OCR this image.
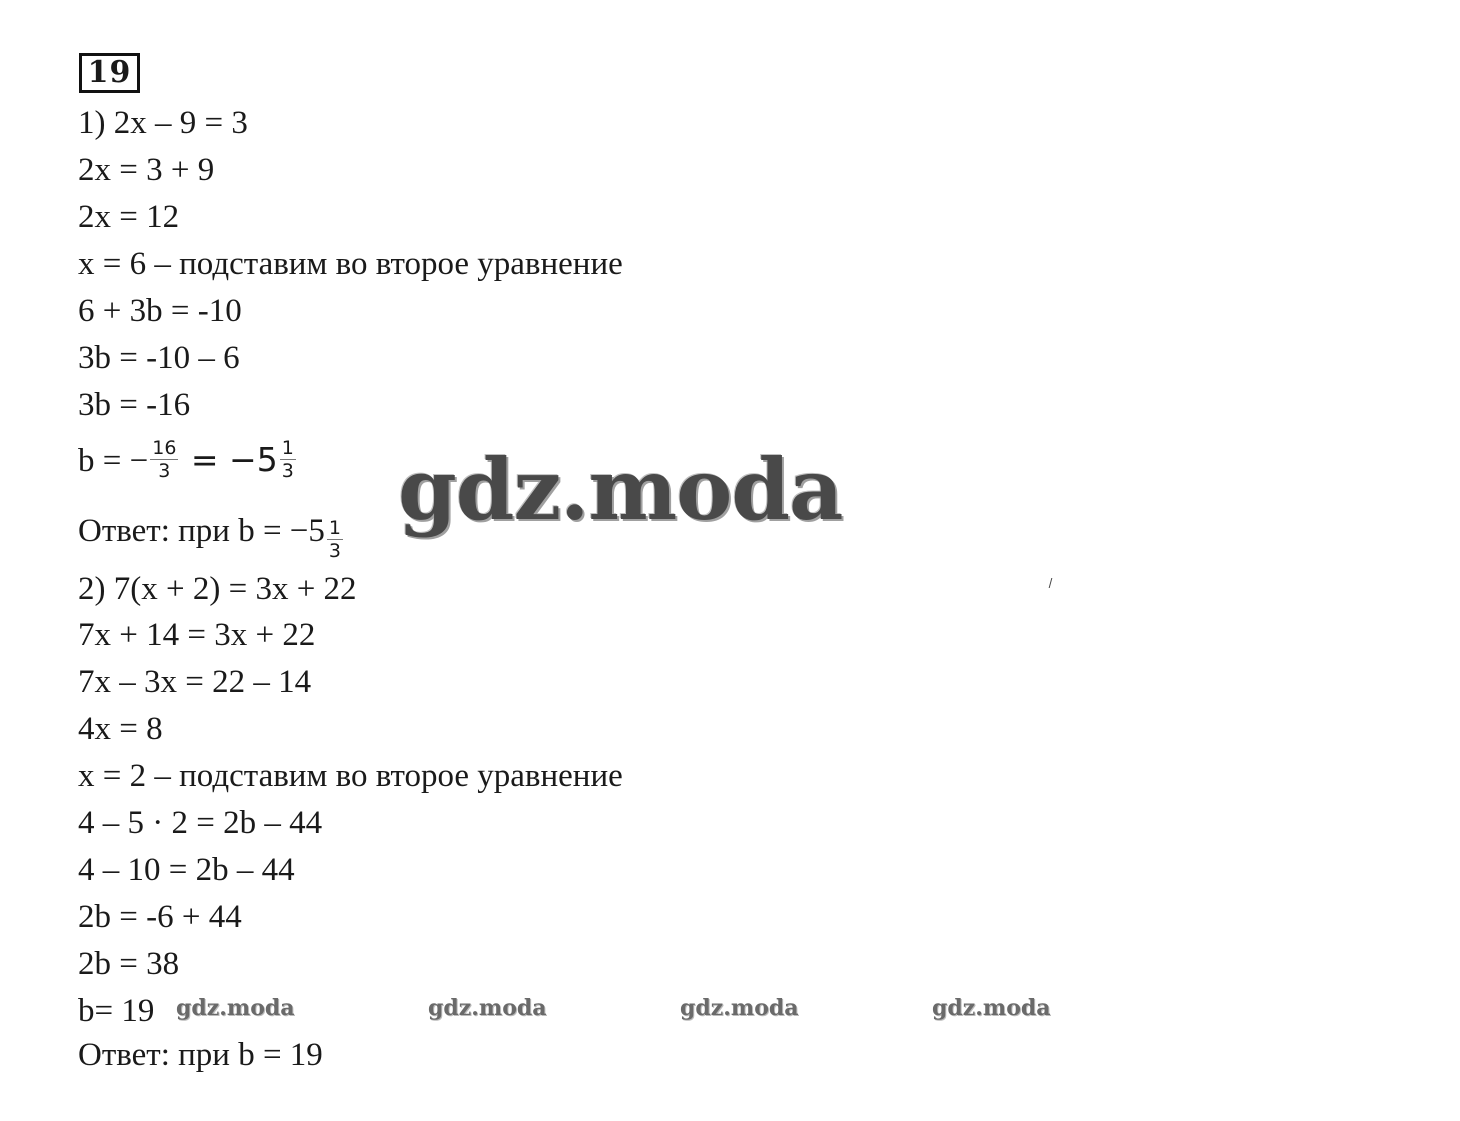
19
1) 2x – 9 = 3
2x = 3 + 9
2x = 12
x = 6 – подставим во второе уравнение
6 + 3b = -10
3b = -10 – 6
3b = -16
b = − $\frac{16}{3} = -5 \frac{1}{3}$
Ответ: при $b = -5 \frac{1}{3}$
2) 7(x + 2) = 3x + 22
7x + 14 = 3x + 22
7x – 3x = 22 – 14
4x = 8
x = 2 – подставим во второе уравнение
4 – 5 · 2 = 2b – 44
4 – 10 = 2b – 44
2b = -6 + 44
2b = 38
b= 19
Ответ: при b = 19
gdz.moda
gdz.moda	gdz.moda	gdz.moda	gdz.moda
